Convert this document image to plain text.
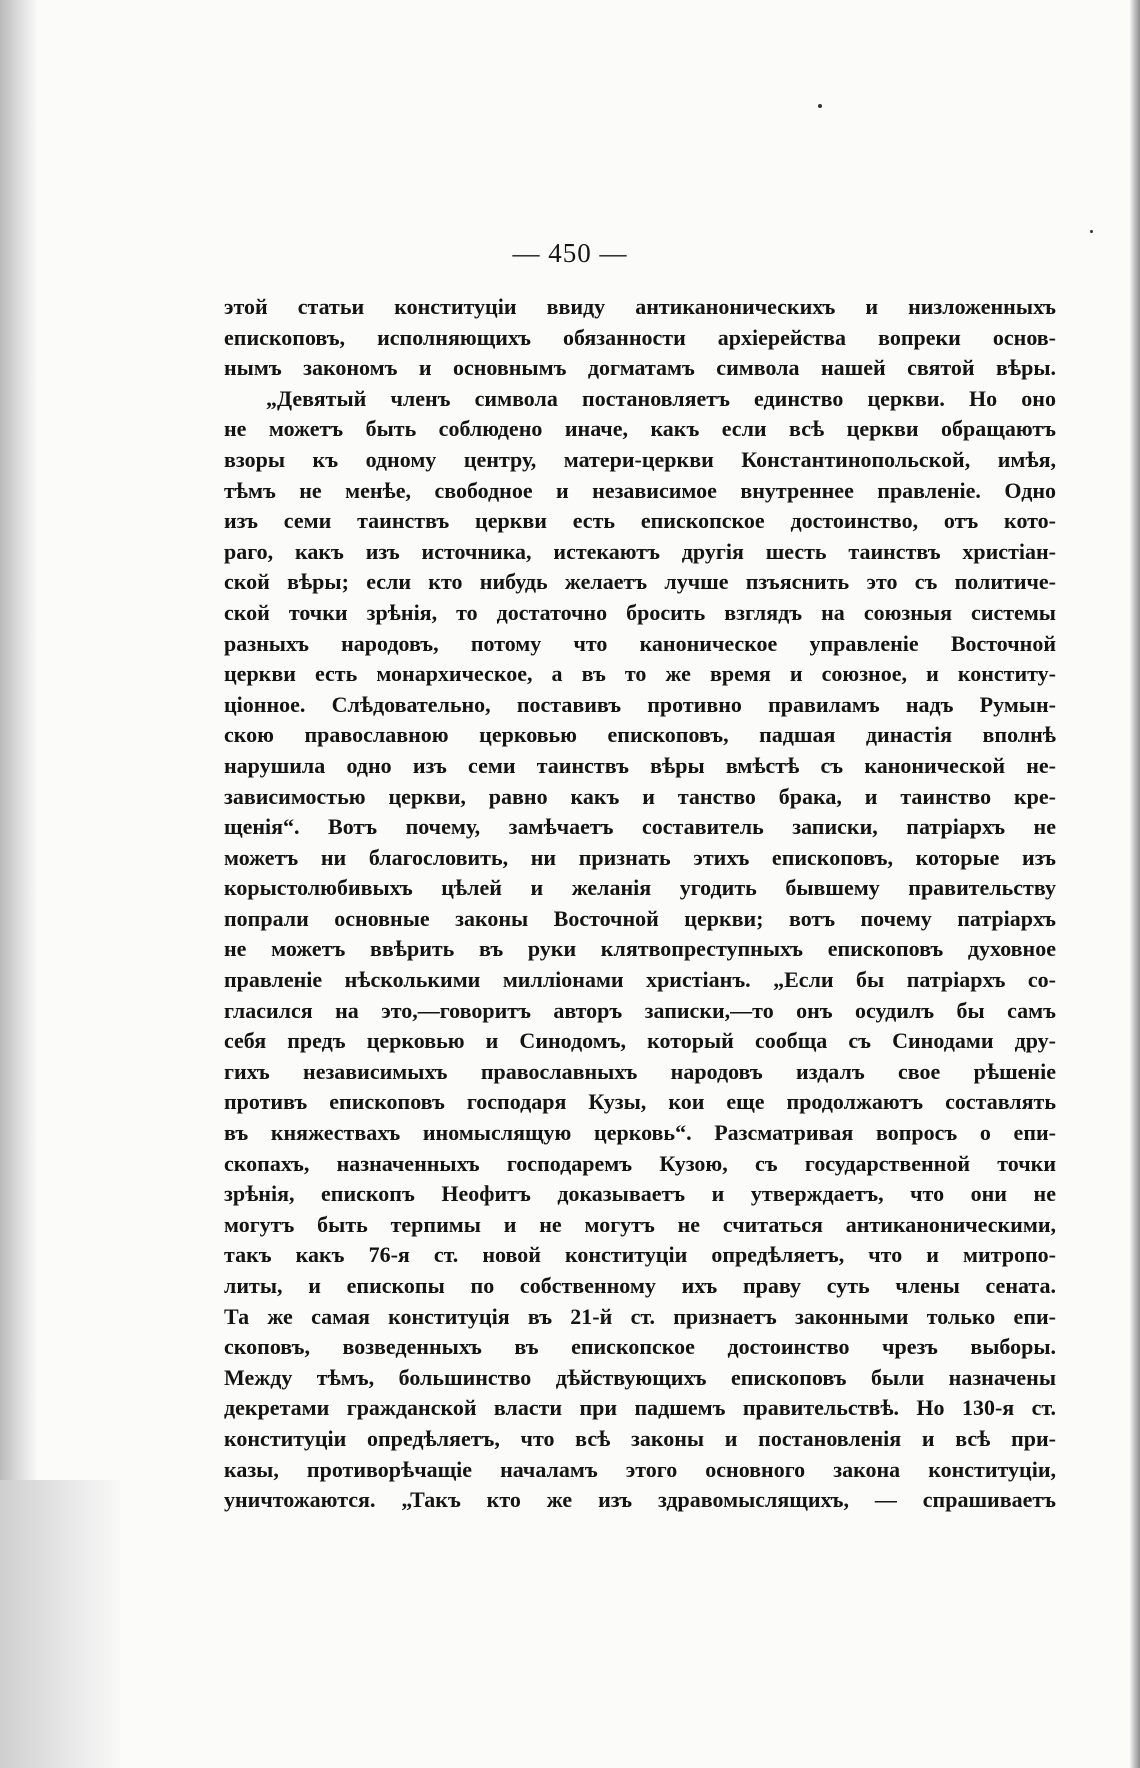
— 450 —
этой статьи конституціи ввиду антиканоническихъ и низложенныхъ
епископовъ, исполняющихъ обязанности архіерейства вопреки основ-
нымъ закономъ и основнымъ догматамъ символа нашей святой вѣры.
„Девятый членъ символа постановляетъ единство церкви. Но оно
не можетъ быть соблюдено иначе, какъ если всѣ церкви обращаютъ
взоры къ одному центру, матери-церкви Константинопольской, имѣя,
тѣмъ не менѣе, свободное и независимое внутреннее правленіе. Одно
изъ семи таинствъ церкви есть епископское достоинство, отъ кото-
раго, какъ изъ источника, истекаютъ другія шесть таинствъ христіан-
ской вѣры; если кто нибудь желаетъ лучше пзъяснить это съ политиче-
ской точки зрѣнія, то достаточно бросить взглядъ на союзныя системы
разныхъ народовъ, потому что каноническое управленіе Восточной
церкви есть монархическое, а въ то же время и союзное, и конститу-
ціонное. Слѣдовательно, поставивъ противно правиламъ надъ Румын-
скою православною церковью епископовъ, падшая династія вполнѣ
нарушила одно изъ семи таинствъ вѣры вмѣстѣ съ канонической не-
зависимостью церкви, равно какъ и танство брака, и таинство кре-
щенія“. Вотъ почему, замѣчаетъ составитель записки, патріархъ не
можетъ ни благословить, ни признать этихъ епископовъ, которые изъ
корыстолюбивыхъ цѣлей и желанія угодить бывшему правительству
попрали основные законы Восточной церкви; вотъ почему патріархъ
не можетъ ввѣрить въ руки клятвопреступныхъ епископовъ духовное
правленіе нѣсколькими милліонами христіанъ. „Если бы патріархъ со-
гласился на это,—говоритъ авторъ записки,—то онъ осудилъ бы самъ
себя предъ церковью и Синодомъ, который сообща съ Синодами дру-
гихъ независимыхъ православныхъ народовъ издалъ свое рѣшеніе
противъ епископовъ господаря Кузы, кои еще продолжаютъ составлять
въ княжествахъ иномыслящую церковь“. Разсматривая вопросъ о епи-
скопахъ, назначенныхъ господаремъ Кузою, съ государственной точки
зрѣнія, епископъ Неофитъ доказываетъ и утверждаетъ, что они не
могутъ быть терпимы и не могутъ не считаться антиканоническими,
такъ какъ 76-я ст. новой конституціи опредѣляетъ, что и митропо-
литы, и епископы по собственному ихъ праву суть члены сената.
Та же самая конституція въ 21-й ст. признаетъ законными только епи-
скоповъ, возведенныхъ въ епископское достоинство чрезъ выборы.
Между тѣмъ, большинство дѣйствующихъ епископовъ были назначены
декретами гражданской власти при падшемъ правительствѣ. Но 130-я ст.
конституціи опредѣляетъ, что всѣ законы и постановленія и всѣ при-
казы, противорѣчащіе началамъ этого основного закона конституціи,
уничтожаются. „Такъ кто же изъ здравомыслящихъ, — спрашиваетъ
